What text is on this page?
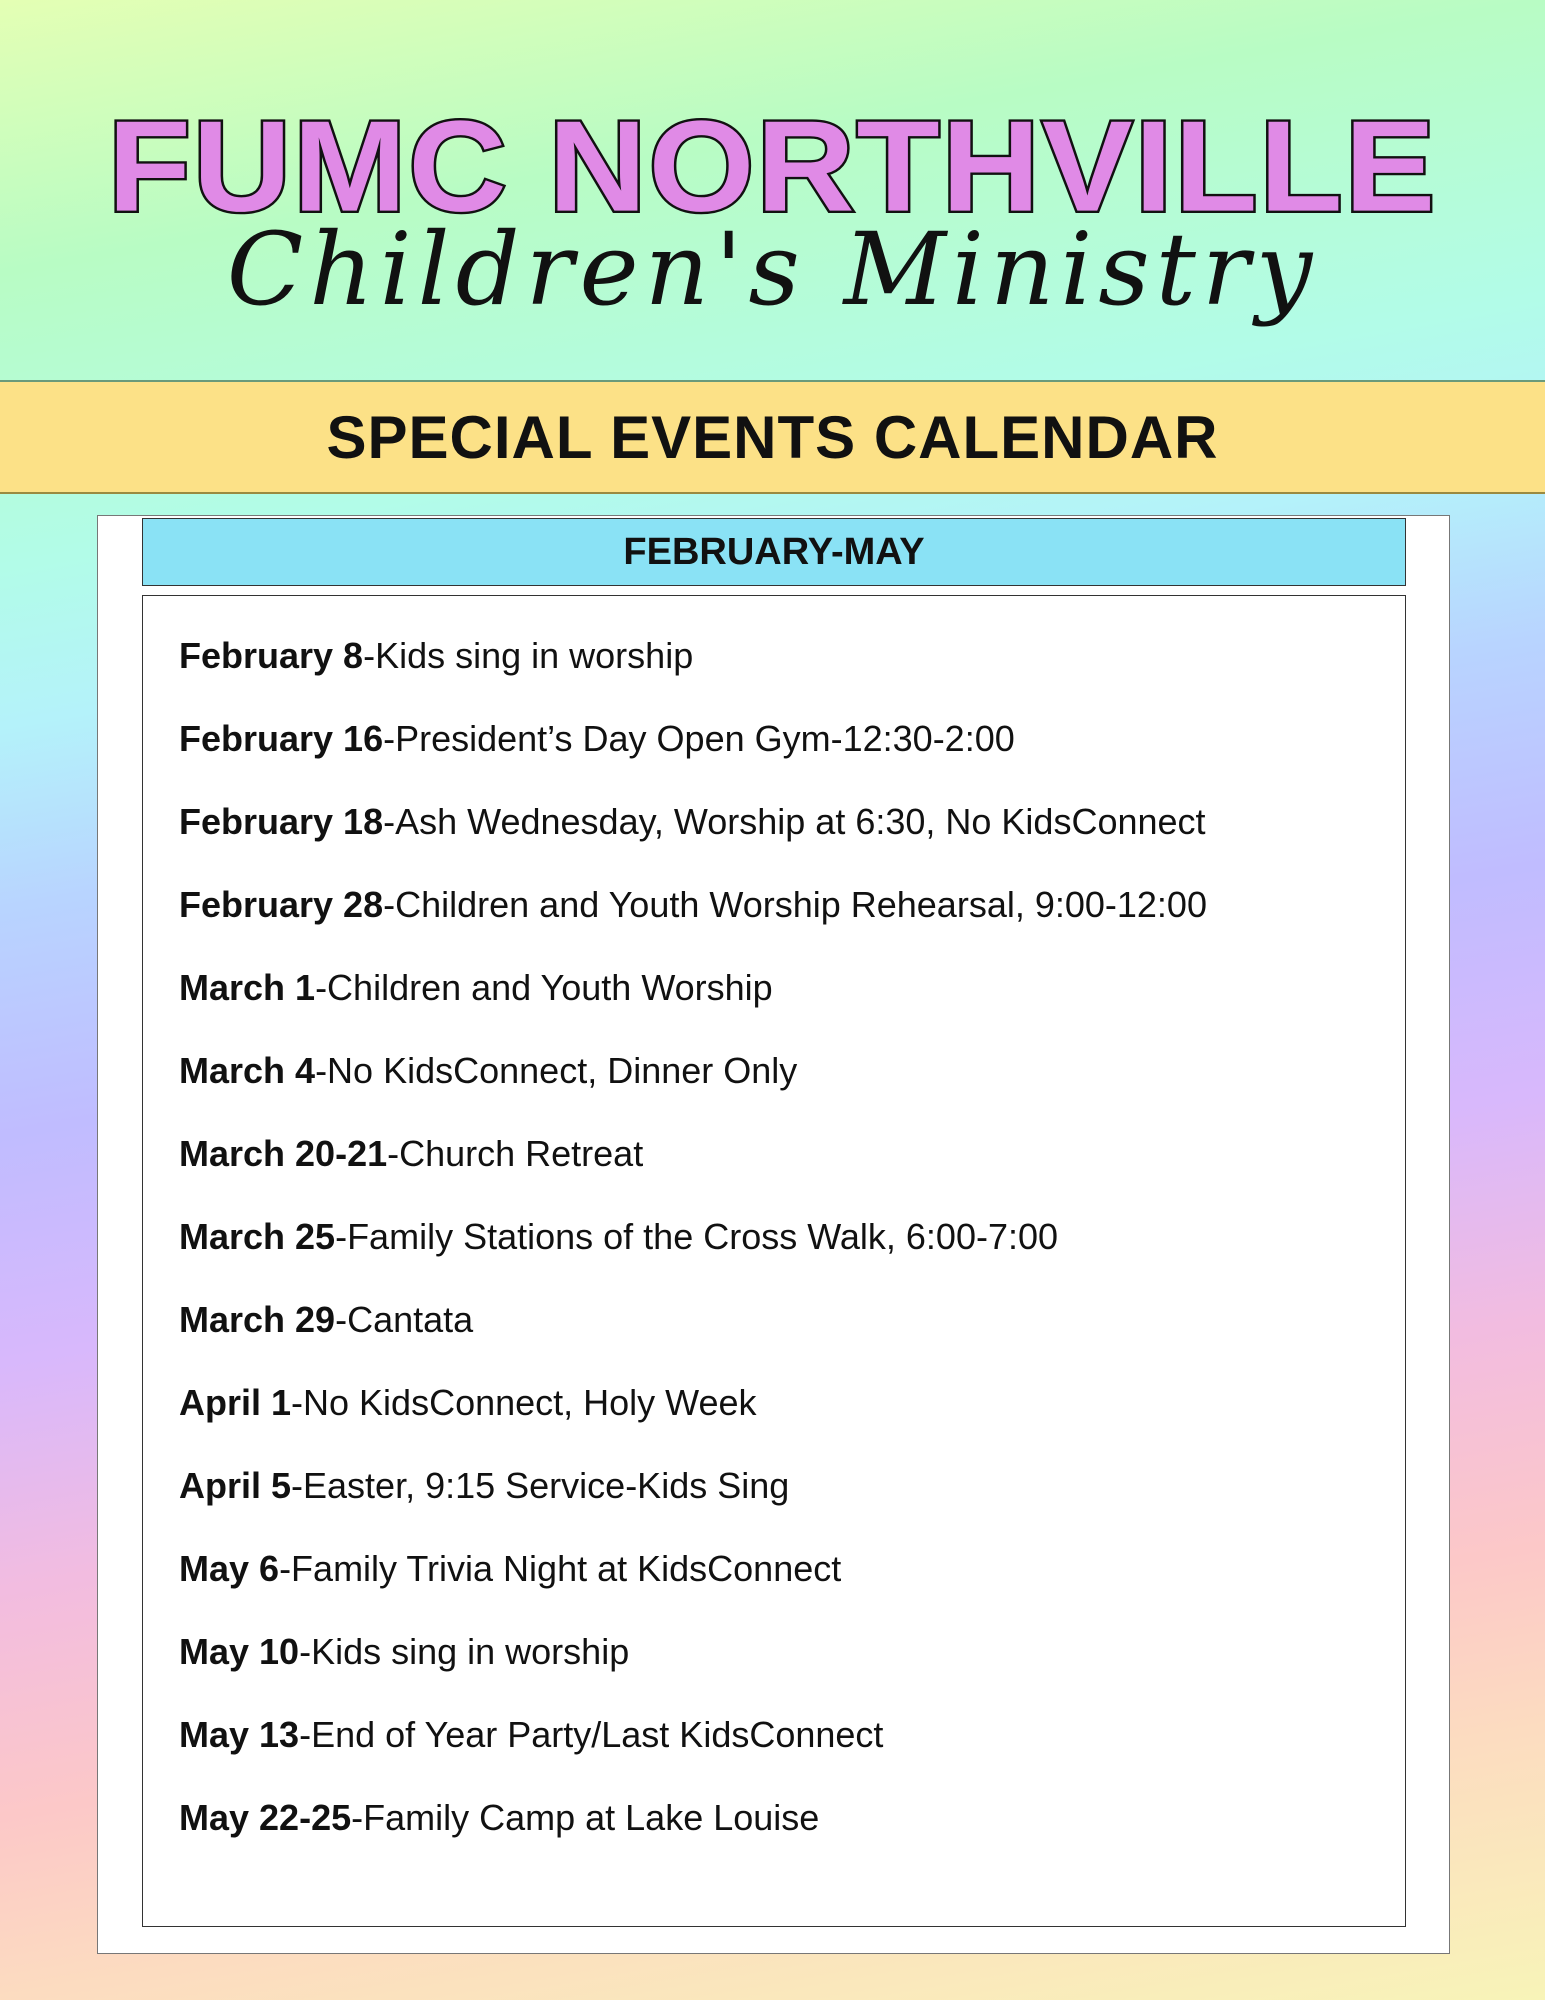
FUMC NORTHVILLE
Children's Ministry
SPECIAL EVENTS CALENDAR
FEBRUARY-MAY
February 8-Kids sing in worship
February 16-President’s Day Open Gym-12:30-2:00
February 18-Ash Wednesday, Worship at 6:30, No KidsConnect
February 28-Children and Youth Worship Rehearsal, 9:00-12:00
March 1-Children and Youth Worship
March 4-No KidsConnect, Dinner Only
March 20-21-Church Retreat
March 25-Family Stations of the Cross Walk, 6:00-7:00
March 29-Cantata
April 1-No KidsConnect, Holy Week
April 5-Easter, 9:15 Service-Kids Sing
May 6-Family Trivia Night at KidsConnect
May 10-Kids sing in worship
May 13-End of Year Party/Last KidsConnect
May 22-25-Family Camp at Lake Louise
